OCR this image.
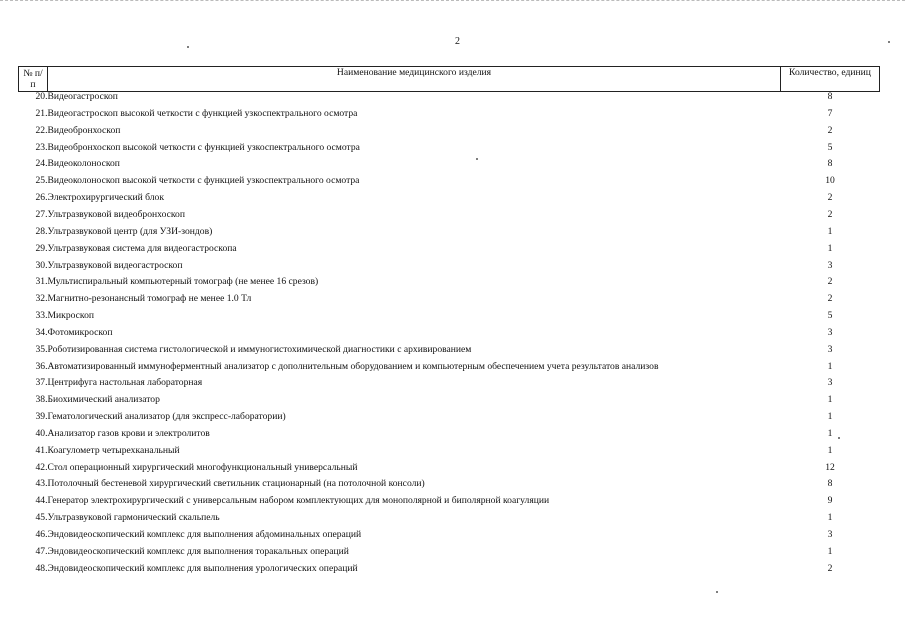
2
№ п/п	Наименование медицинского изделия	Количество, единиц
20.	Видеогастроскоп	8
21.	Видеогастроскоп высокой четкости с функцией узкоспектрального осмотра	7
22.	Видеобронхоскоп	2
23.	Видеобронхоскоп высокой четкости с функцией узкоспектрального осмотра	5
24.	Видеоколоноскоп	8
25.	Видеоколоноскоп высокой четкости с функцией узкоспектрального осмотра	10
26.	Электрохирургический блок	2
27.	Ультразвуковой видеобронхоскоп	2
28.	Ультразвуковой центр (для УЗИ-зондов)	1
29.	Ультразвуковая система для видеогастроскопа	1
30.	Ультразвуковой видеогастроскоп	3
31.	Мультиспиральный компьютерный томограф (не менее 16 срезов)	2
32.	Магнитно-резонансный томограф не менее 1.0 Тл	2
33.	Микроскоп	5
34.	Фотомикроскоп	3
35.	Роботизированная система гистологической и иммуногистохимической диагностики с архивированием	3
36.	Автоматизированный иммуноферментный анализатор с дополнительным оборудованием и компьютерным обеспечением учета результатов анализов	1
37.	Центрифуга настольная лабораторная	3
38.	Биохимический анализатор	1
39.	Гематологический анализатор (для экспресс-лаборатории)	1
40.	Анализатор газов крови и электролитов	1
41.	Коагулометр четырехканальный	1
42.	Стол операционный хирургический многофункциональный универсальный	12
43.	Потолочный бестеневой хирургический светильник стационарный (на потолочной консоли)	8
44.	Генератор электрохирургический с универсальным набором комплектующих для монополярной и биполярной коагуляции	9
45.	Ультразвуковой гармонический скальпель	1
46.	Эндовидеоскопический комплекс для выполнения абдоминальных операций	3
47.	Эндовидеоскопический комплекс для выполнения торакальных операций	1
48.	Эндовидеоскопический комплекс для выполнения урологических операций	2
